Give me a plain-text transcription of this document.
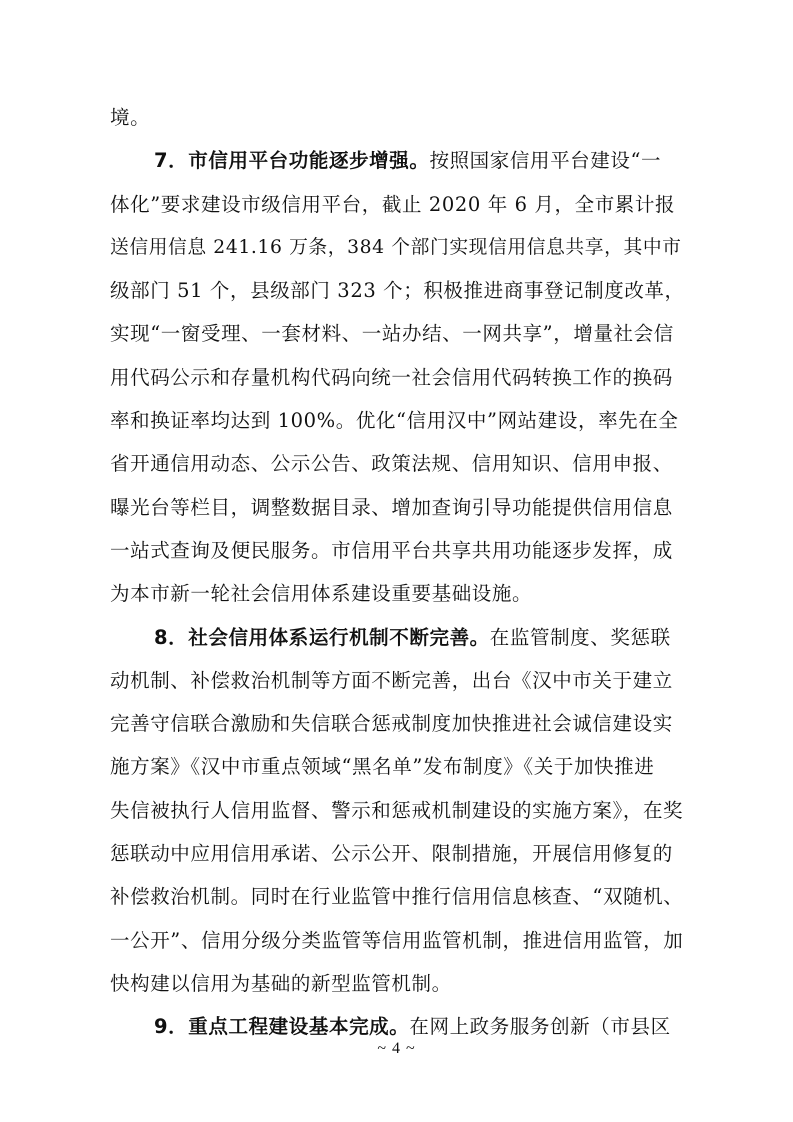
境。
7．市信用平台功能逐步增强。按照国家信用平台建设“一
体化”要求建设市级信用平台，截止 2020 年 6 月，全市累计报
送信用信息 241.16 万条，384 个部门实现信用信息共享，其中市
级部门 51 个，县级部门 323 个；积极推进商事登记制度改革，
实现“一窗受理、一套材料、一站办结、一网共享”，增量社会信
用代码公示和存量机构代码向统一社会信用代码转换工作的换码
率和换证率均达到 100%。优化“信用汉中”网站建设，率先在全
省开通信用动态、公示公告、政策法规、信用知识、信用申报、
曝光台等栏目，调整数据目录、增加查询引导功能提供信用信息
一站式查询及便民服务。市信用平台共享共用功能逐步发挥，成
为本市新一轮社会信用体系建设重要基础设施。
8．社会信用体系运行机制不断完善。在监管制度、奖惩联
动机制、补偿救治机制等方面不断完善，出台《汉中市关于建立
完善守信联合激励和失信联合惩戒制度加快推进社会诚信建设实
施方案》《汉中市重点领域“黑名单”发布制度》《关于加快推进
失信被执行人信用监督、警示和惩戒机制建设的实施方案》，在奖
惩联动中应用信用承诺、公示公开、限制措施，开展信用修复的
补偿救治机制。同时在行业监管中推行信用信息核查、“双随机、
一公开”、信用分级分类监管等信用监管机制，推进信用监管，加
快构建以信用为基础的新型监管机制。
9．重点工程建设基本完成。在网上政务服务创新（市县区
~ 4 ~
